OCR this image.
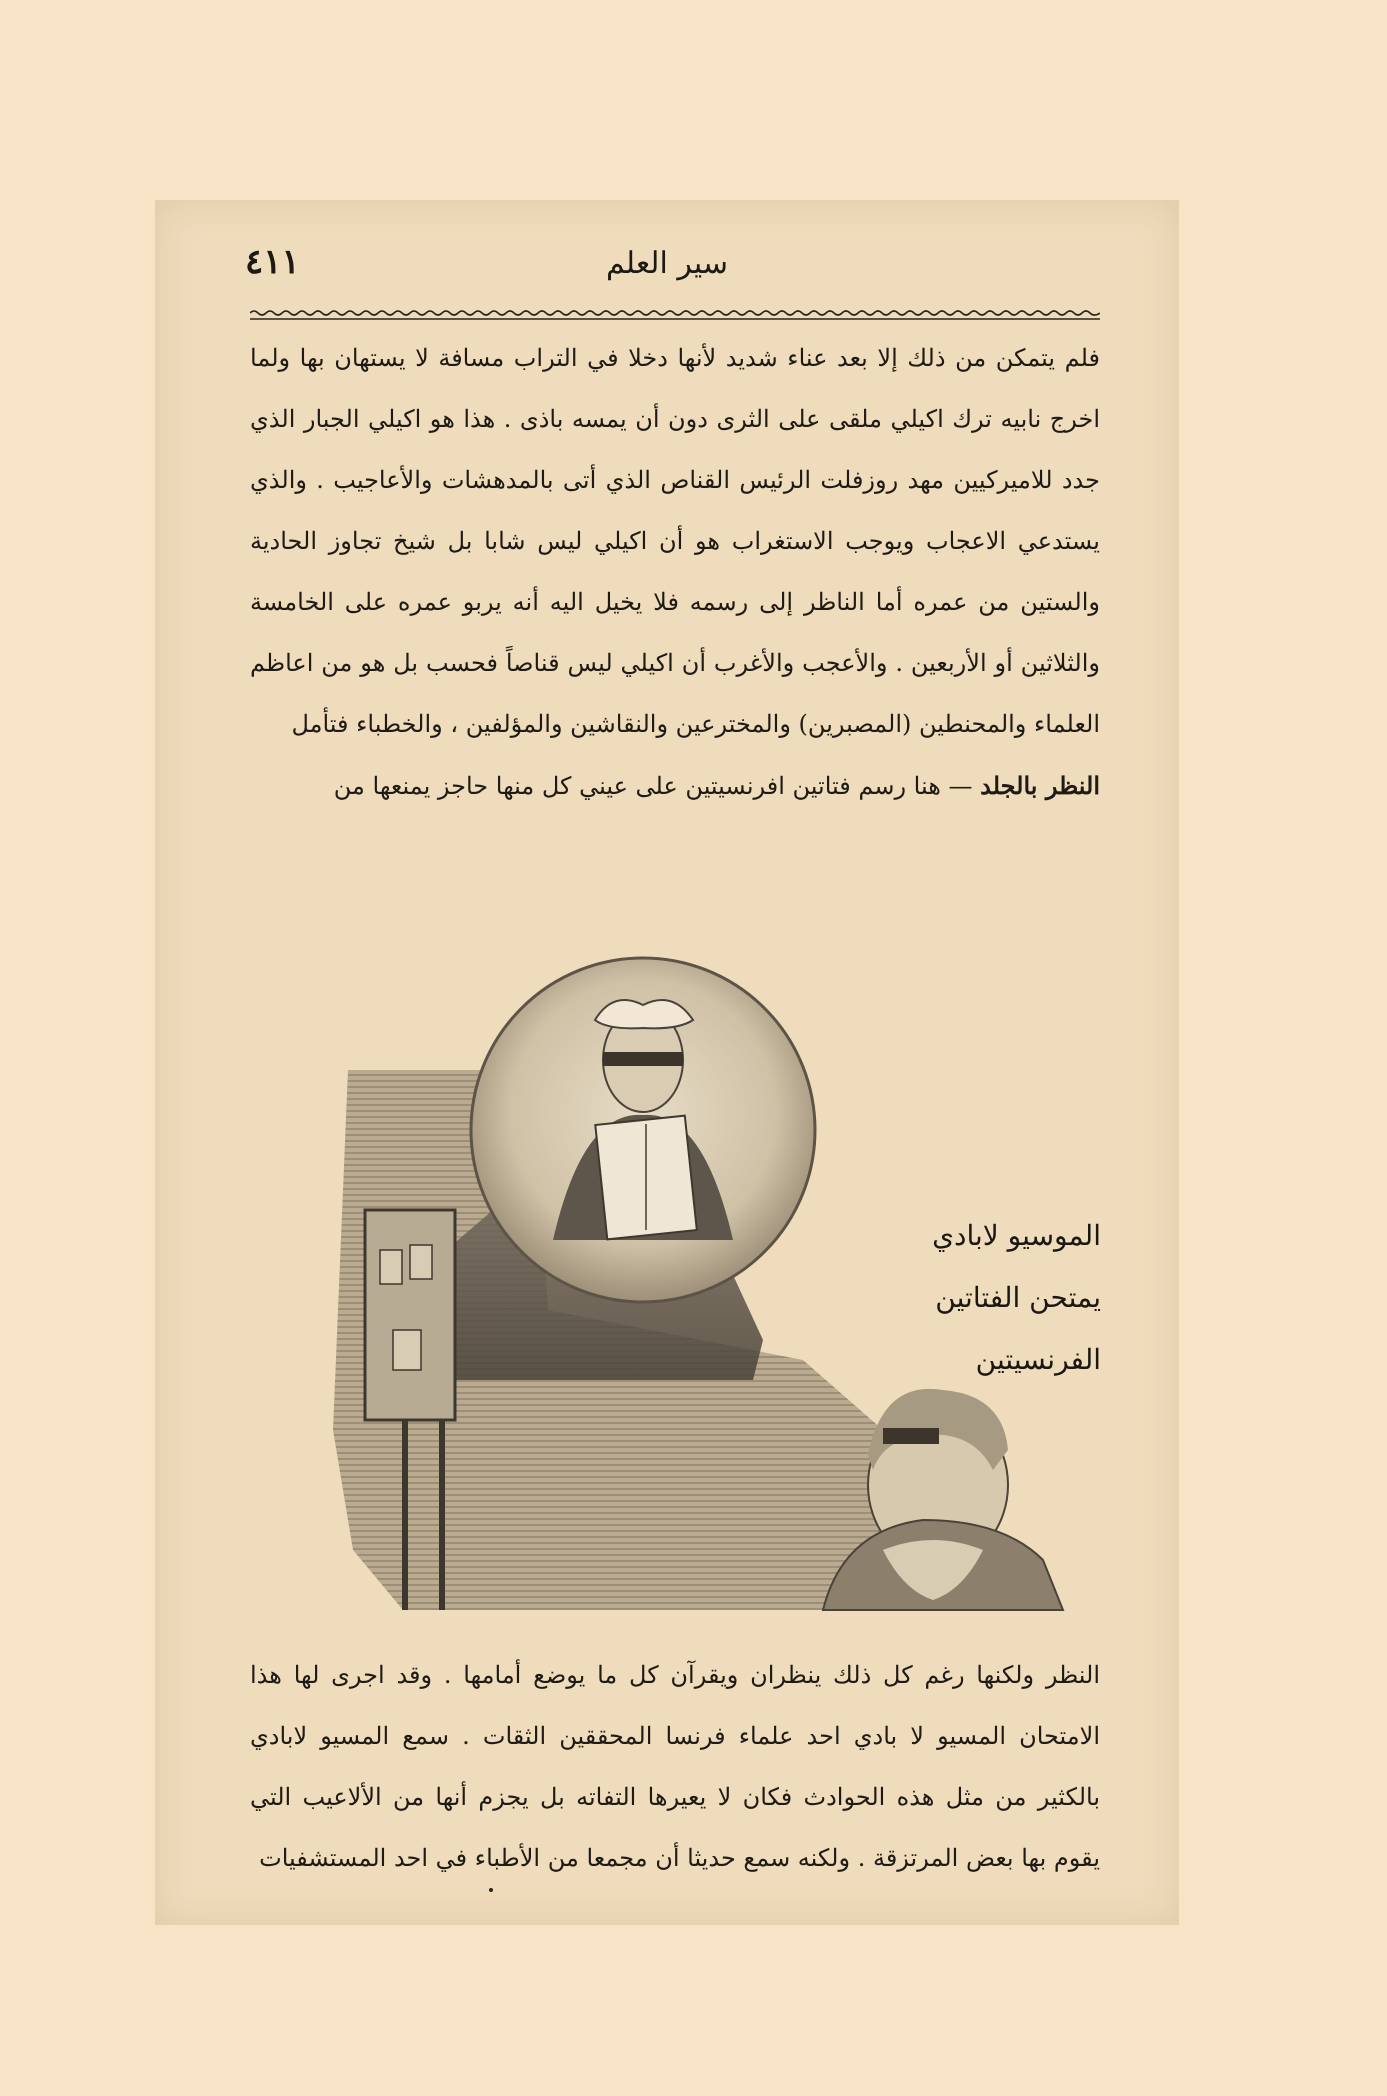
٤١١	سير العلم
فلم يتمكن من ذلك إلا بعد عناء شديد لأنها دخلا في التراب مسافة لا يستهان بها ولما اخرج نابيه ترك اكيلي ملقى على الثرى دون أن يمسه باذى . هذا هو اكيلي الجبار الذي جدد للاميركيين مهد روزفلت الرئيس القناص الذي أتى بالمدهشات والأعاجيب . والذي يستدعي الاعجاب ويوجب الاستغراب هو أن اكيلي ليس شابا بل شيخ تجاوز الحادية والستين من عمره أما الناظر إلى رسمه فلا يخيل اليه أنه يربو عمره على الخامسة والثلاثين أو الأربعين . والأعجب والأغرب أن اكيلي ليس قناصاً فحسب بل هو من اعاظم العلماء والمحنطين (المصبرين) والمخترعين والنقاشين والمؤلفين ، والخطباء فتأمل
النظر بالجلد — هنا رسم فتاتين افرنسيتين على عيني كل منها حاجز يمنعها من
الموسيو لابادي
يمتحن الفتاتين
الفرنسيتين
النظر ولكنها رغم كل ذلك ينظران ويقرآن كل ما يوضع أمامها . وقد اجرى لها هذا الامتحان المسيو لا بادي احد علماء فرنسا المحققين الثقات . سمع المسيو لابادي بالكثير من مثل هذه الحوادث فكان لا يعيرها التفاته بل يجزم أنها من الألاعيب التي يقوم بها بعض المرتزقة . ولكنه سمع حديثا أن مجمعا من الأطباء في احد المستشفيات
